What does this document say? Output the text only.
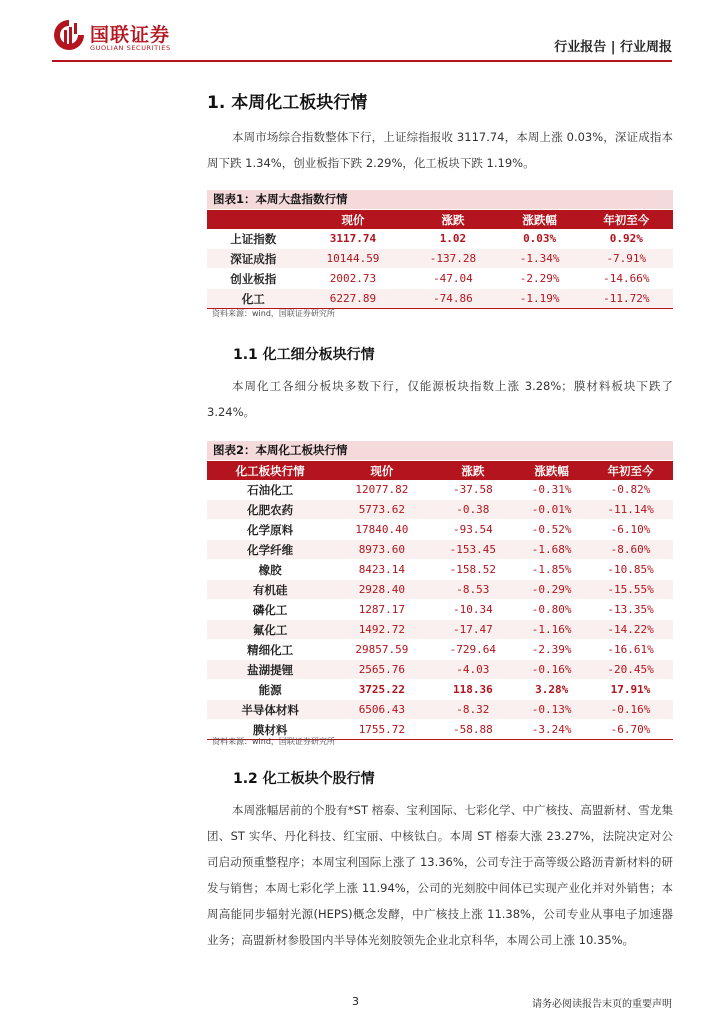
国联证券
GUOLIAN SECURITIES	行业报告 | 行业周报
1. 本周化工板块行情
本周市场综合指数整体下行，上证综指报收 3117.74，本周上涨 0.03%，深证成指本周下跌 1.34%，创业板指下跌 2.29%，化工板块下跌 1.19%。
图表1：本周大盘指数行情
	现价	涨跌	涨跌幅	年初至今
上证指数	3117.74	1.02	0.03%	0.92%
深证成指	10144.59	-137.28	-1.34%	-7.91%
创业板指	2002.73	-47.04	-2.29%	-14.66%
化工	6227.89	-74.86	-1.19%	-11.72%
资料来源：wind，国联证券研究所
1.1 化工细分板块行情
本周化工各细分板块多数下行，仅能源板块指数上涨 3.28%；膜材料板块下跌了 3.24%。
图表2：本周化工板块行情
化工板块行情	现价	涨跌	涨跌幅	年初至今
石油化工	12077.82	-37.58	-0.31%	-0.82%
化肥农药	5773.62	-0.38	-0.01%	-11.14%
化学原料	17840.40	-93.54	-0.52%	-6.10%
化学纤维	8973.60	-153.45	-1.68%	-8.60%
橡胶	8423.14	-158.52	-1.85%	-10.85%
有机硅	2928.40	-8.53	-0.29%	-15.55%
磷化工	1287.17	-10.34	-0.80%	-13.35%
氟化工	1492.72	-17.47	-1.16%	-14.22%
精细化工	29857.59	-729.64	-2.39%	-16.61%
盐湖提锂	2565.76	-4.03	-0.16%	-20.45%
能源	3725.22	118.36	3.28%	17.91%
半导体材料	6506.43	-8.32	-0.13%	-0.16%
膜材料	1755.72	-58.88	-3.24%	-6.70%
资料来源：wind，国联证券研究所
1.2 化工板块个股行情
本周涨幅居前的个股有*ST 榕泰、宝利国际、七彩化学、中广核技、高盟新材、雪龙集团、ST 实华、丹化科技、红宝丽、中核钛白。本周 ST 榕泰大涨 23.27%，法院决定对公司启动预重整程序；本周宝利国际上涨了 13.36%，公司专注于高等级公路沥青新材料的研发与销售；本周七彩化学上涨 11.94%，公司的光刻胶中间体已实现产业化并对外销售；本周高能同步辐射光源(HEPS)概念发酵，中广核技上涨 11.38%，公司专业从事电子加速器业务；高盟新材参股国内半导体光刻胶领先企业北京科华，本周公司上涨 10.35%。
3	请务必阅读报告末页的重要声明
